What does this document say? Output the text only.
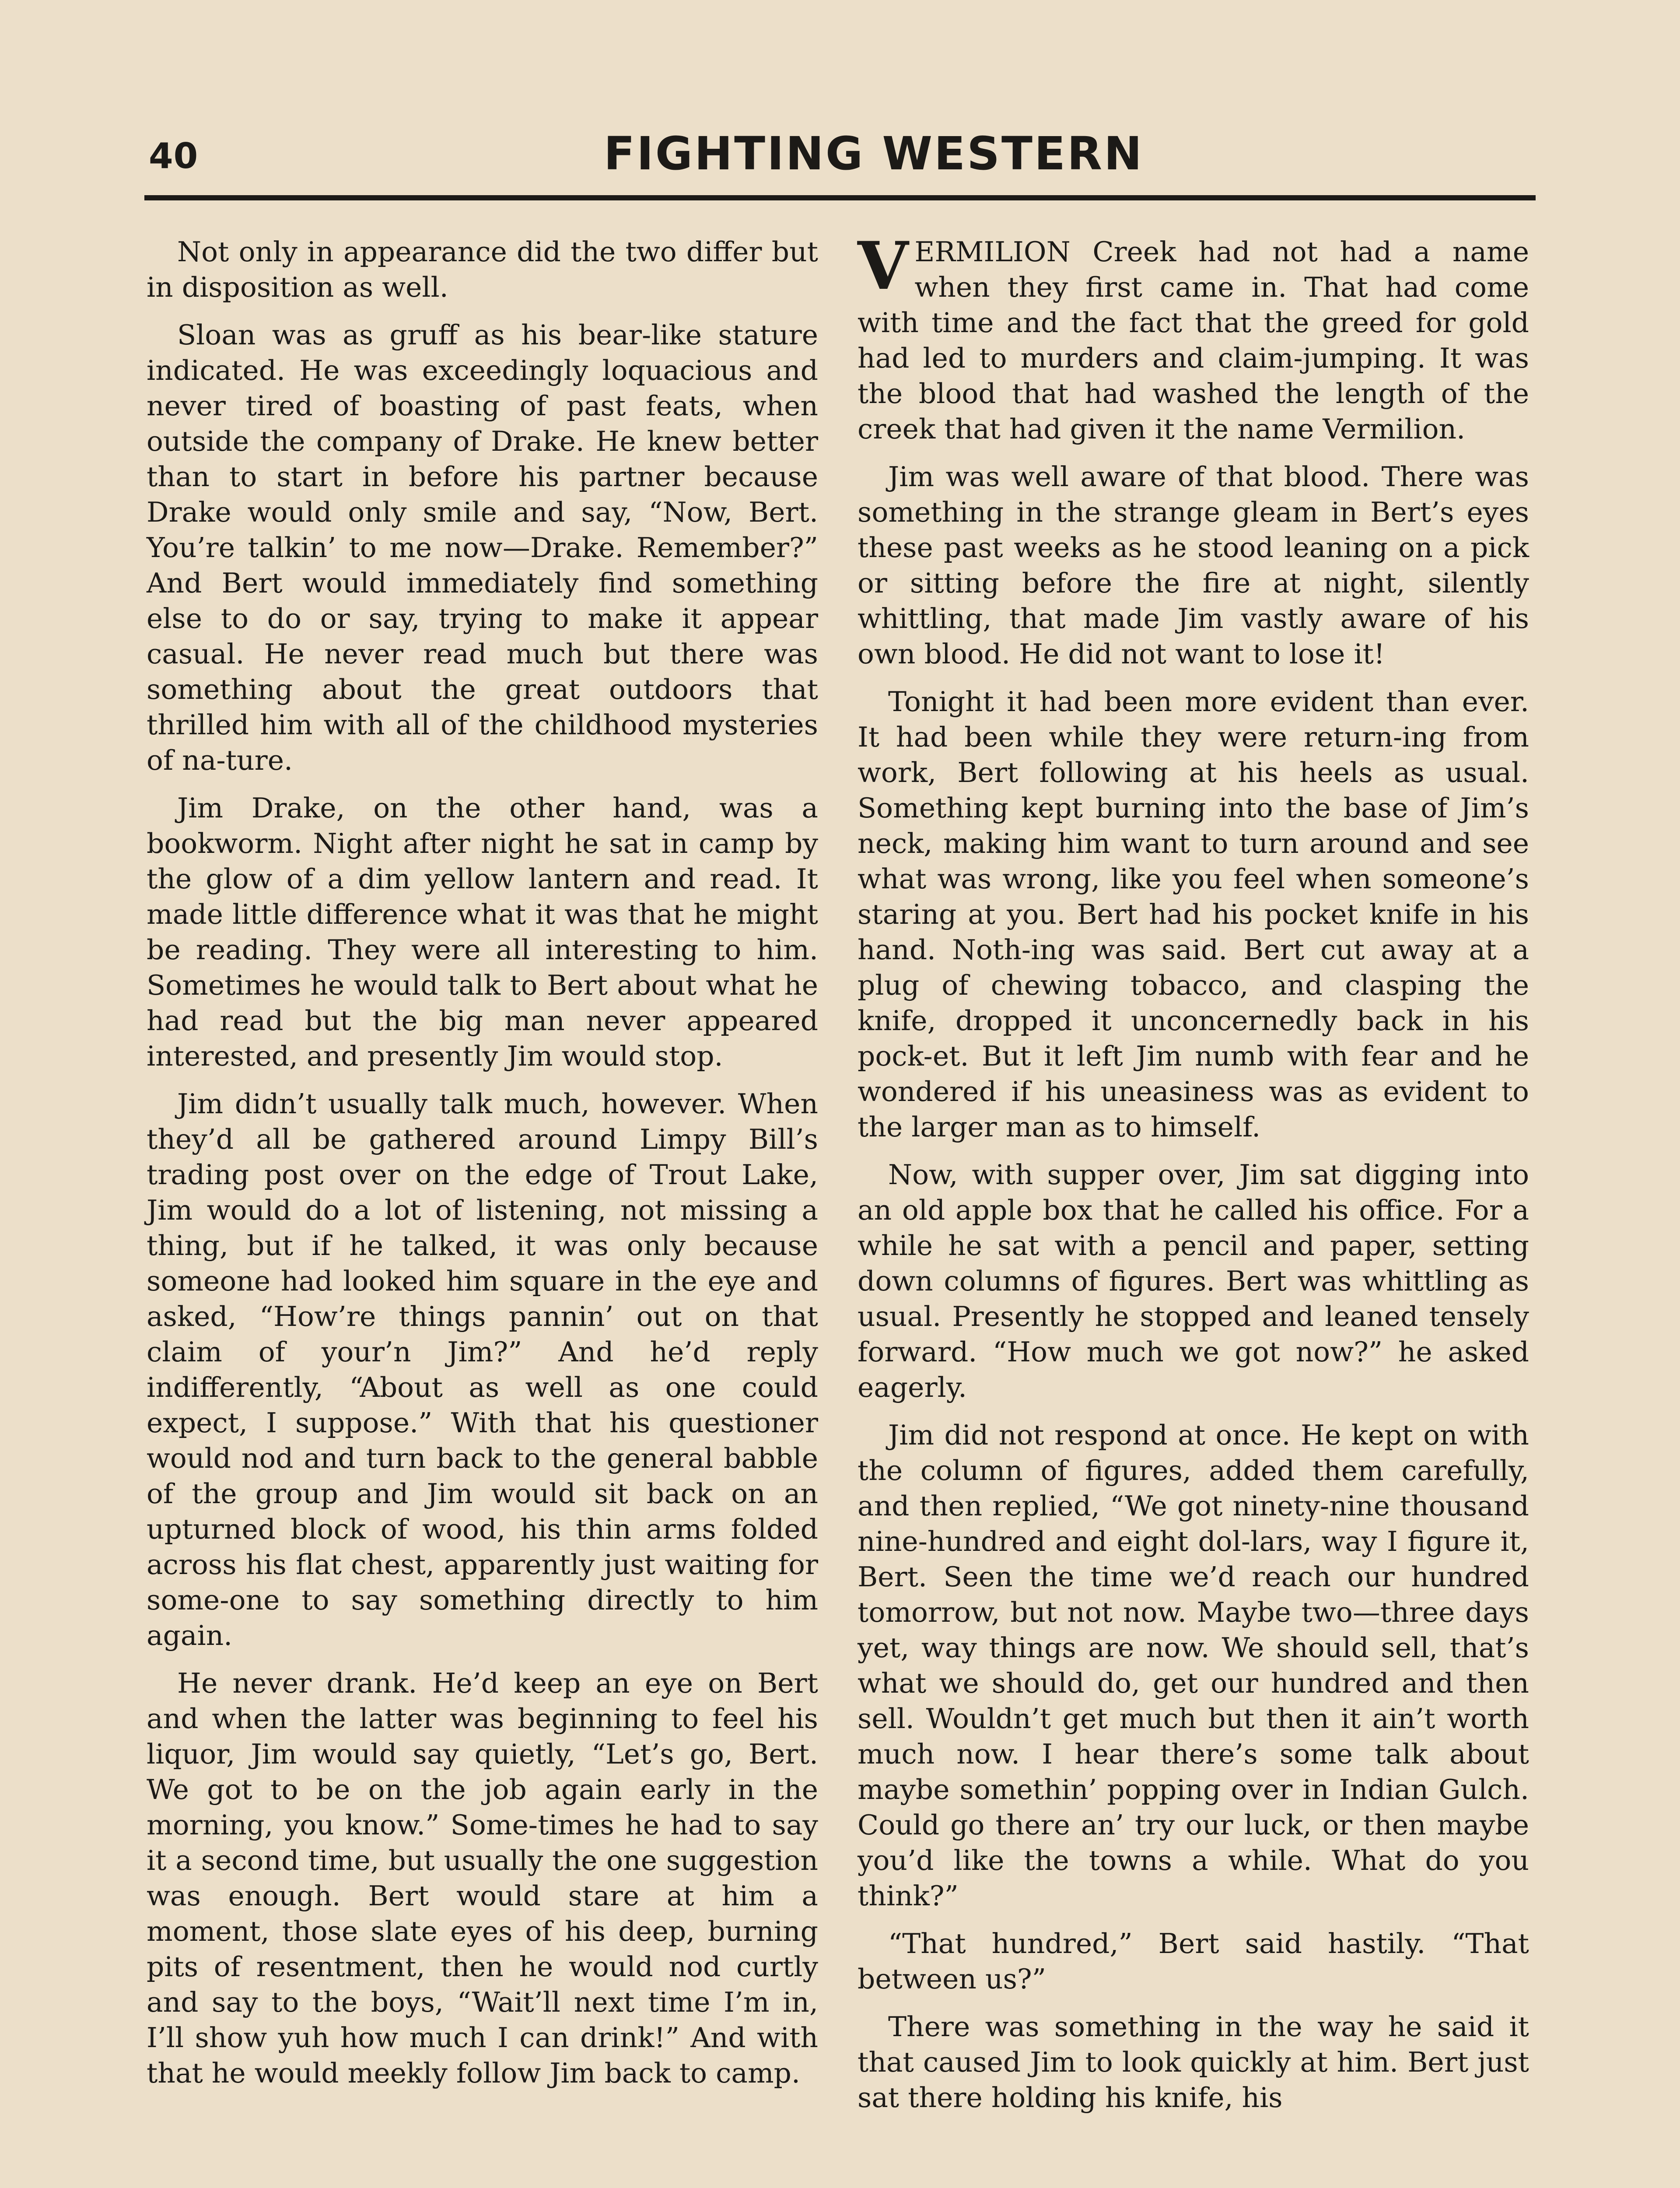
40	FIGHTING WESTERN

Not only in appearance did the two differ but in disposition as well.

Sloan was as gruff as his bear-like stature indicated. He was exceedingly loquacious and never tired of boasting of past feats, when outside the company of Drake. He knew better than to start in before his partner because Drake would only smile and say, “Now, Bert. You’re talkin’ to me now—Drake. Remember?” And Bert would immediately find something else to do or say, trying to make it appear casual. He never read much but there was something about the great outdoors that thrilled him with all of the childhood mysteries of na-ture.

Jim Drake, on the other hand, was a bookworm. Night after night he sat in camp by the glow of a dim yellow lantern and read. It made little difference what it was that he might be reading. They were all interesting to him. Sometimes he would talk to Bert about what he had read but the big man never appeared interested, and presently Jim would stop.

Jim didn’t usually talk much, however. When they’d all be gathered around Limpy Bill’s trading post over on the edge of Trout Lake, Jim would do a lot of listening, not missing a thing, but if he talked, it was only because someone had looked him square in the eye and asked, “How’re things pannin’ out on that claim of your’n Jim?” And he’d reply indifferently, “About as well as one could expect, I suppose.” With that his questioner would nod and turn back to the general babble of the group and Jim would sit back on an upturned block of wood, his thin arms folded across his flat chest, apparently just waiting for some-one to say something directly to him again.

He never drank. He’d keep an eye on Bert and when the latter was beginning to feel his liquor, Jim would say quietly, “Let’s go, Bert. We got to be on the job again early in the morning, you know.” Some-times he had to say it a second time, but usually the one suggestion was enough. Bert would stare at him a moment, those slate eyes of his deep, burning pits of resentment, then he would nod curtly and say to the boys, “Wait’ll next time I’m in, I’ll show yuh how much I can drink!” And with that he would meekly follow Jim back to camp.

VERMILION Creek had not had a name when they first came in. That had come with time and the fact that the greed for gold had led to murders and claim-jumping. It was the blood that had washed the length of the creek that had given it the name Vermilion.

Jim was well aware of that blood. There was something in the strange gleam in Bert’s eyes these past weeks as he stood leaning on a pick or sitting before the fire at night, silently whittling, that made Jim vastly aware of his own blood. He did not want to lose it!

Tonight it had been more evident than ever. It had been while they were return-ing from work, Bert following at his heels as usual. Something kept burning into the base of Jim’s neck, making him want to turn around and see what was wrong, like you feel when someone’s staring at you. Bert had his pocket knife in his hand. Noth-ing was said. Bert cut away at a plug of chewing tobacco, and clasping the knife, dropped it unconcernedly back in his pock-et. But it left Jim numb with fear and he wondered if his uneasiness was as evident to the larger man as to himself.

Now, with supper over, Jim sat digging into an old apple box that he called his office. For a while he sat with a pencil and paper, setting down columns of figures. Bert was whittling as usual. Presently he stopped and leaned tensely forward. “How much we got now?” he asked eagerly.

Jim did not respond at once. He kept on with the column of figures, added them carefully, and then replied, “We got ninety-nine thousand nine-hundred and eight dol-lars, way I figure it, Bert. Seen the time we’d reach our hundred tomorrow, but not now. Maybe two—three days yet, way things are now. We should sell, that’s what we should do, get our hundred and then sell. Wouldn’t get much but then it ain’t worth much now. I hear there’s some talk about maybe somethin’ popping over in Indian Gulch. Could go there an’ try our luck, or then maybe you’d like the towns a while. What do you think?”

“That hundred,” Bert said hastily. “That between us?”

There was something in the way he said it that caused Jim to look quickly at him. Bert just sat there holding his knife, his
